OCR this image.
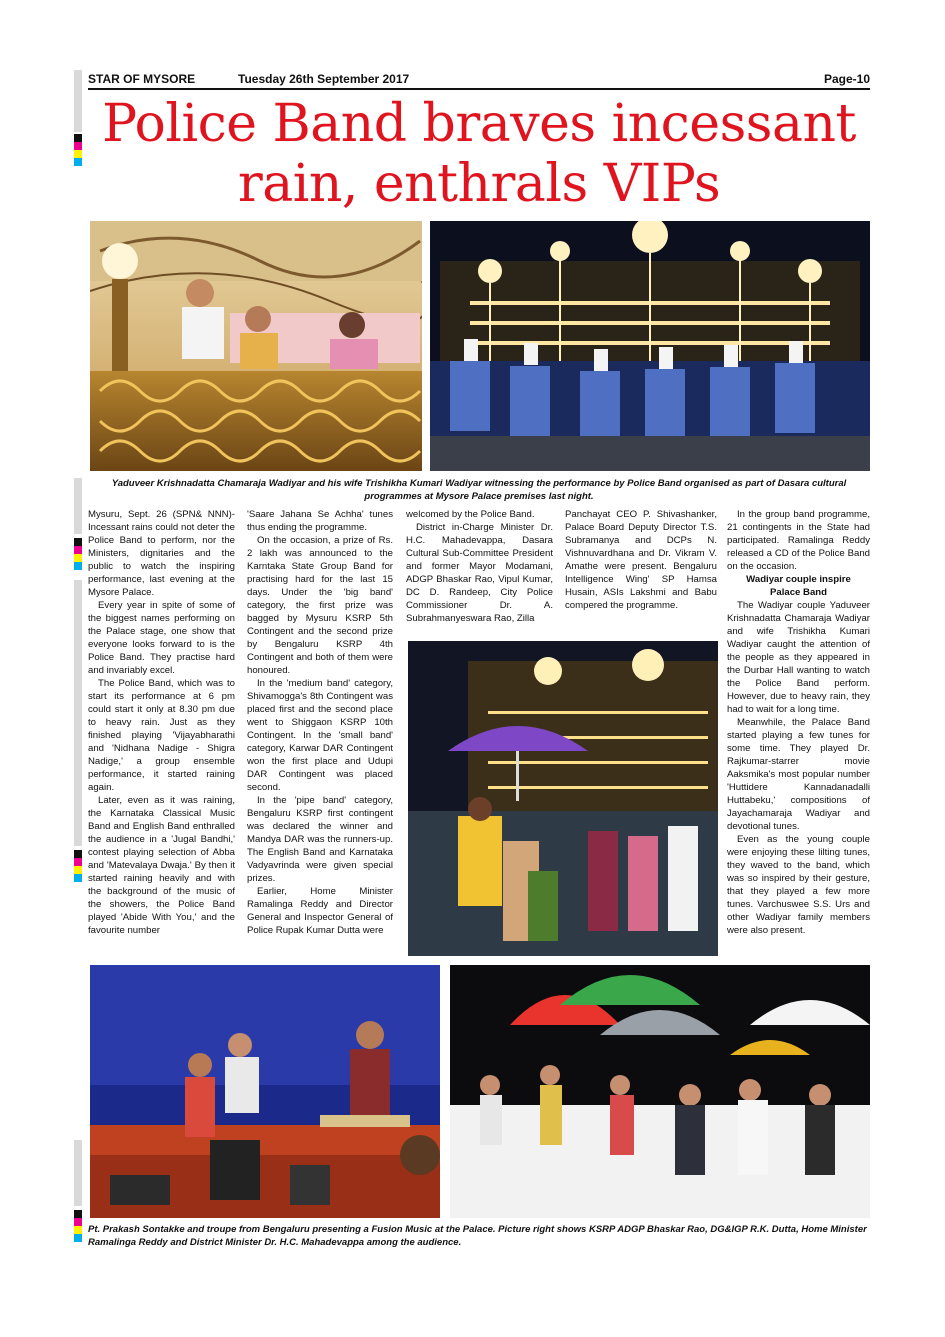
STAR OF MYSORE	Tuesday 26th September 2017	Page-10
Police Band braves incessant
rain, enthrals VIPs
Yaduveer Krishnadatta Chamaraja Wadiyar and his wife Trishikha Kumari Wadiyar witnessing the performance by Police Band organised as part of Dasara cultural programmes at Mysore Palace premises last night.

Mysuru, Sept. 26 (SPN& NNN)- Incessant rains could not deter the Police Band to perform, nor the Ministers, dignitaries and the public to watch the inspiring performance, last evening at the Mysore Palace.

Every year in spite of some of the biggest names performing on the Palace stage, one show that everyone looks forward to is the Police Band. They practise hard and invariably excel.

The Police Band, which was to start its performance at 6 pm could start it only at 8.30 pm due to heavy rain. Just as they finished playing 'Vijayabharathi and 'Nidhana Nadige - Shigra Nadige,' a group ensemble performance, it started raining again.

Later, even as it was raining, the Karnataka Classical Music Band and English Band enthralled the audience in a 'Jugal Bandhi,' contest playing selection of Abba and 'Matevalaya Dwaja.' By then it started raining heavily and with the background of the music of the showers, the Police Band played 'Abide With You,' and the favourite number

'Saare Jahana Se Achha' tunes thus ending the programme.

On the occasion, a prize of Rs. 2 lakh was announced to the Karntaka State Group Band for practising hard for the last 15 days. Under the 'big band' category, the first prize was bagged by Mysuru KSRP 5th Contingent and the second prize by Bengaluru KSRP 4th Contingent and both of them were honoured.

In the 'medium band' category, Shivamogga's 8th Contingent was placed first and the second place went to Shiggaon KSRP 10th Contingent. In the 'small band' category, Karwar DAR Contingent won the first place and Udupi DAR Contingent was placed second.

In the 'pipe band' category, Bengaluru KSRP first contingent was declared the winner and Mandya DAR was the runners-up. The English Band and Karnataka Vadyavrinda were given special prizes.

Earlier, Home Minister Ramalinga Reddy and Director General and Inspector General of Police Rupak Kumar Dutta were

welcomed by the Police Band.

District in-Charge Minister Dr. H.C. Mahadevappa, Dasara Cultural Sub-Committee President and former Mayor Modamani, ADGP Bhaskar Rao, Vipul Kumar, DC D. Randeep, City Police Commissioner Dr. A. Subrahmanyeswara Rao, Zilla

Panchayat CEO P. Shivashanker, Palace Board Deputy Director T.S. Subramanya and DCPs N. Vishnuvardhana and Dr. Vikram V. Amathe were present. Bengaluru Intelligence Wing' SP Hamsa Husain, ASIs Lakshmi and Babu compered the programme.

In the group band programme, 21 contingents in the State had participated. Ramalinga Reddy released a CD of the Police Band on the occasion.

Wadiyar couple inspire Palace Band

The Wadiyar couple Yaduveer Krishnadatta Chamaraja Wadiyar and wife Trishikha Kumari Wadiyar caught the attention of the people as they appeared in the Durbar Hall wanting to watch the Police Band perform. However, due to heavy rain, they had to wait for a long time.

Meanwhile, the Palace Band started playing a few tunes for some time. They played Dr. Rajkumar-starrer movie Aaksmika's most popular number 'Huttidere Kannadanadalli Huttabeku,' compositions of Jayachamaraja Wadiyar and devotional tunes.

Even as the young couple were enjoying these lilting tunes, they waved to the band, which was so inspired by their gesture, that they played a few more tunes. Varchuswee S.S. Urs and other Wadiyar family members were also present.

Pt. Prakash Sontakke and troupe from Bengaluru presenting a Fusion Music at the Palace. Picture right shows KSRP ADGP Bhaskar Rao, DG&IGP R.K. Dutta, Home Minister Ramalinga Reddy and District Minister Dr. H.C. Mahadevappa among the audience.
